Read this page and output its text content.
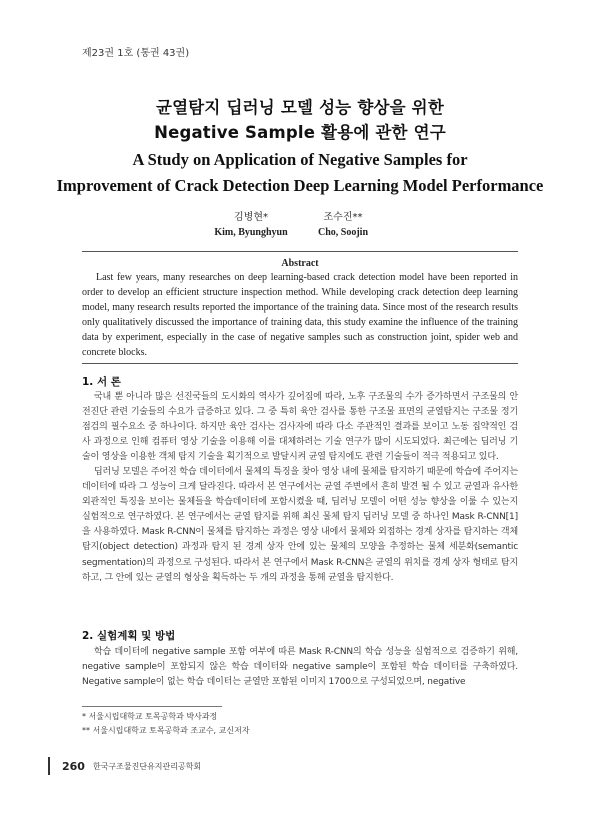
제23권 1호 (통권 43권)
균열탐지 딥러닝 모델 성능 향상을 위한
Negative Sample 활용에 관한 연구
A Study on Application of Negative Samples for
Improvement of Crack Detection Deep Learning Model Performance
김병현*
Kim, Byunghyun
조수진**
Cho, Soojin
Abstract
Last few years, many researches on deep learning-based crack detection model have been reported in order to develop an efficient structure inspection method. While developing crack detection deep learning model, many research results reported the importance of the training data. Since most of the research results only qualitatively discussed the importance of training data, this study examine the influence of the training data by experiment, especially in the case of negative samples such as construction joint, spider web and concrete blocks.
1. 서 론

국내 뿐 아니라 많은 선진국들의 도시화의 역사가 깊어짐에 따라, 노후 구조물의 수가 증가하면서 구조물의 안전진단 관련 기술들의 수요가 급증하고 있다. 그 중 특히 육안 검사를 통한 구조물 표면의 균열탐지는 구조물 정기 점검의 필수요소 중 하나이다. 하지만 육안 검사는 검사자에 따라 다소 주관적인 결과를 보이고 노동 집약적인 검사 과정으로 인해 컴퓨터 영상 기술을 이용해 이를 대체하려는 기술 연구가 많이 시도되었다. 최근에는 딥러닝 기술이 영상을 이용한 객체 탐지 기술을 획기적으로 발달시켜 균열 탐지에도 관련 기술들이 적극 적용되고 있다.

딥러닝 모델은 주어진 학습 데이터에서 물체의 특징을 찾아 영상 내에 물체를 탐지하기 때문에 학습에 주어지는 데이터에 따라 그 성능이 크게 달라진다. 따라서 본 연구에서는 균열 주변에서 흔히 발견 될 수 있고 균열과 유사한 외관적인 특징을 보이는 물체들을 학습데이터에 포함시켰을 때, 딥러닝 모델이 어떤 성능 향상을 이룰 수 있는지 실험적으로 연구하였다. 본 연구에서는 균열 탐지를 위해 최신 물체 탐지 딥러닝 모델 중 하나인 Mask R-CNN[1]을 사용하였다. Mask R-CNN이 물체를 탐지하는 과정은 영상 내에서 물체와 외접하는 경계 상자를 탐지하는 객체 탐지(object detection) 과정과 탐지 된 경계 상자 안에 있는 물체의 모양을 추정하는 물체 세분화(semantic segmentation)의 과정으로 구성된다. 따라서 본 연구에서 Mask R-CNN은 균열의 위치를 경계 상자 형태로 탐지하고, 그 안에 있는 균열의 형상을 획득하는 두 개의 과정을 통해 균열을 탐지한다.

2. 실험계획 및 방법

학습 데이터에 negative sample 포함 여부에 따른 Mask R-CNN의 학습 성능을 실험적으로 검증하기 위해, negative sample이 포함되지 않은 학습 데이터와 negative sample이 포함된 학습 데이터를 구축하였다. Negative sample이 없는 학습 데이터는 균열만 포함된 이미지 1700으로 구성되었으며, negative

* 서울시립대학교 토목공학과 박사과정
** 서울시립대학교 토목공학과 조교수, 교신저자
260 한국구조물진단유지관리공학회
